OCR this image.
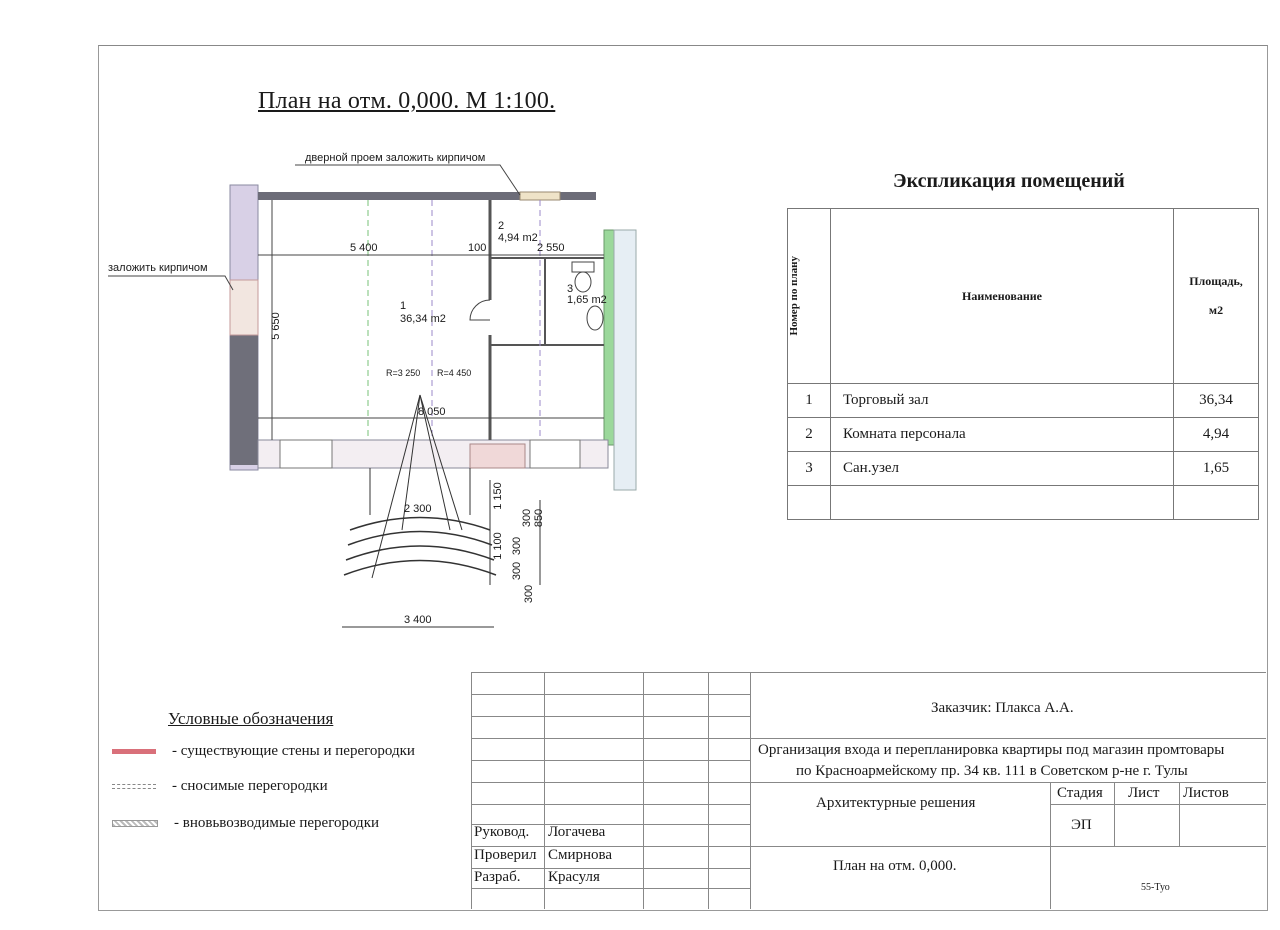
План на отм. 0,000. М 1:100.
дверной проем заложить кирпичом
заложить кирпичом
5 400	100	2 550
5 650
8 050
R=3 250 R=4 450
2 300	1 150
1 100 300
300 850
300
300
3 400
1
36,34 m2
2
4,94 m2
3
1,65 m2
Экспликация помещений
Номер по плану	Наименование	Площадь,
м2

1	Торговый зал	36,34
2	Комната персонала	4,94
3	Сан.узел	1,65

Условные обозначения
- существующие стены и перегородки
- сносимые перегородки
- вновьвозводимые перегородки
Заказчик: Плакса А.А.
Организация входа и перепланировка квартиры под магазин промтовары
по Красноармейскому пр. 34 кв. 111 в Советском р-не г. Тулы
Архитектурные решения
Стадия Лист Листов
ЭП
План на отм. 0,000.
55-Туо
Руковод. Логачева
Проверил Смирнова
Разраб. Красуля
